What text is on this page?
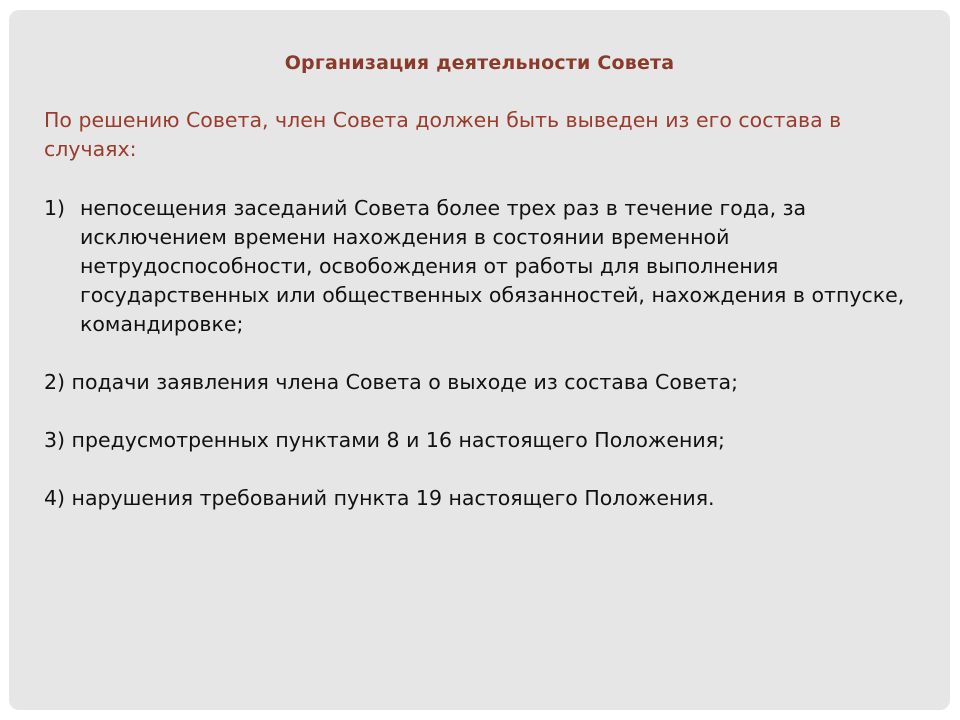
Организация деятельности Совета
По решению Совета, член Совета должен быть выведен из его состава в случаях:
1) непосещения заседаний Совета более трех раз в течение года, за исключением времени нахождения в состоянии временной нетрудоспособности, освобождения от работы для выполнения государственных или общественных обязанностей, нахождения в отпуске, командировке;
2) подачи заявления члена Совета о выходе из состава Совета;
3) предусмотренных пунктами 8 и 16 настоящего Положения;
4) нарушения требований пункта 19 настоящего Положения.
